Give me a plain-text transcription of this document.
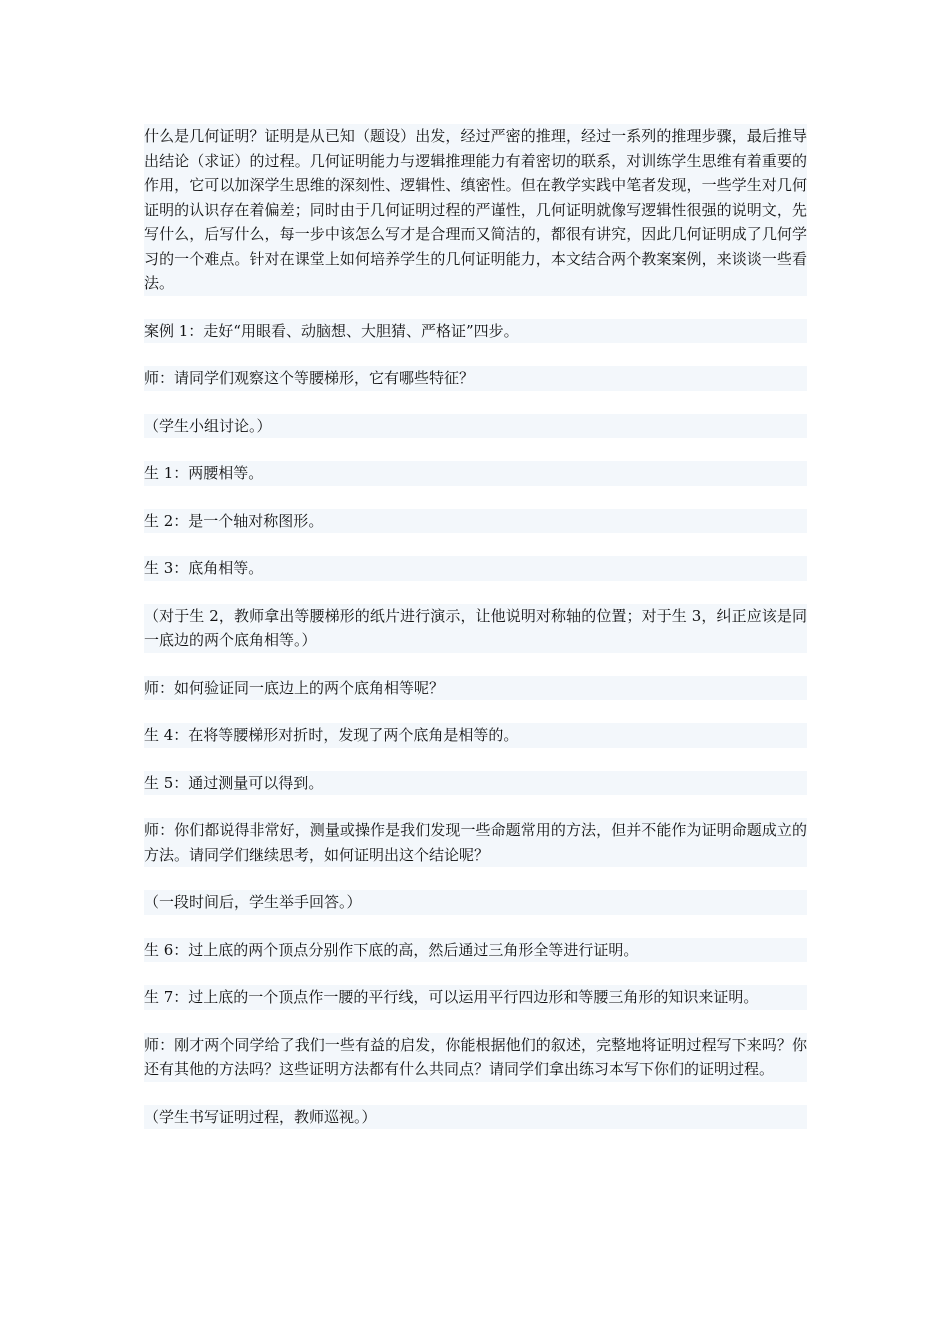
什么是几何证明？证明是从已知（题设）出发，经过严密的推理，经过一系列的推理步骤，最后推导出结论（求证）的过程。几何证明能力与逻辑推理能力有着密切的联系，对训练学生思维有着重要的作用，它可以加深学生思维的深刻性、逻辑性、缜密性。但在教学实践中笔者发现，一些学生对几何证明的认识存在着偏差；同时由于几何证明过程的严谨性，几何证明就像写逻辑性很强的说明文，先写什么，后写什么，每一步中该怎么写才是合理而又简洁的，都很有讲究，因此几何证明成了几何学习的一个难点。针对在课堂上如何培养学生的几何证明能力，本文结合两个教案案例，来谈谈一些看法。

案例 1：走好“用眼看、动脑想、大胆猜、严格证”四步。

师：请同学们观察这个等腰梯形，它有哪些特征？

（学生小组讨论。）

生 1：两腰相等。

生 2：是一个轴对称图形。

生 3：底角相等。

（对于生 2，教师拿出等腰梯形的纸片进行演示，让他说明对称轴的位置；对于生 3，纠正应该是同一底边的两个底角相等。）

师：如何验证同一底边上的两个底角相等呢？

生 4：在将等腰梯形对折时，发现了两个底角是相等的。

生 5：通过测量可以得到。

师：你们都说得非常好，测量或操作是我们发现一些命题常用的方法，但并不能作为证明命题成立的方法。请同学们继续思考，如何证明出这个结论呢？

（一段时间后，学生举手回答。）

生 6：过上底的两个顶点分别作下底的高，然后通过三角形全等进行证明。

生 7：过上底的一个顶点作一腰的平行线，可以运用平行四边形和等腰三角形的知识来证明。

师：刚才两个同学给了我们一些有益的启发，你能根据他们的叙述，完整地将证明过程写下来吗？你还有其他的方法吗？这些证明方法都有什么共同点？请同学们拿出练习本写下你们的证明过程。

（学生书写证明过程，教师巡视。）
